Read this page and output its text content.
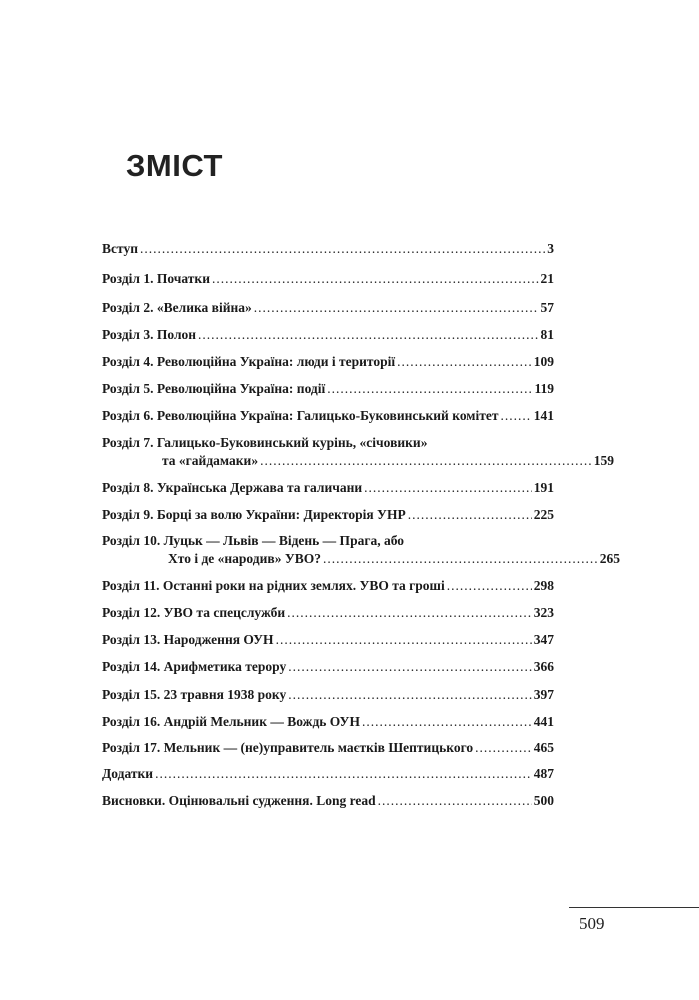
ЗМІСТ
Вступ .....	3
Розділ 1. Початки .....	21
Розділ 2. «Велика війна» .....	57
Розділ 3. Полон .....	81
Розділ 4. Революційна Україна: люди і території .....	109
Розділ 5. Революційна Україна: події .....	119
Розділ 6. Революційна Україна: Галицько-Буковинський комітет .....	141
Розділ 7. Галицько-Буковинський курінь, «січовики»
та «гайдамаки» .....	159
Розділ 8. Українська Держава та галичани .....	191
Розділ 9. Борці за волю України: Директорія УНР .....	225
Розділ 10. Луцьк — Львів — Відень — Прага, або
Хто і де «народив» УВО? .....	265
Розділ 11. Останні роки на рідних землях. УВО та гроші .....	298
Розділ 12. УВО та спецслужби .....	323
Розділ 13. Народження ОУН .....	347
Розділ 14. Арифметика терору .....	366
Розділ 15. 23 травня 1938 року .....	397
Розділ 16. Андрій Мельник — Вождь ОУН .....	441
Розділ 17. Мельник — (не)управитель маєтків Шептицького .....	465
Додатки .....	487
Висновки. Оцінювальні судження. Long read .....	500
509
